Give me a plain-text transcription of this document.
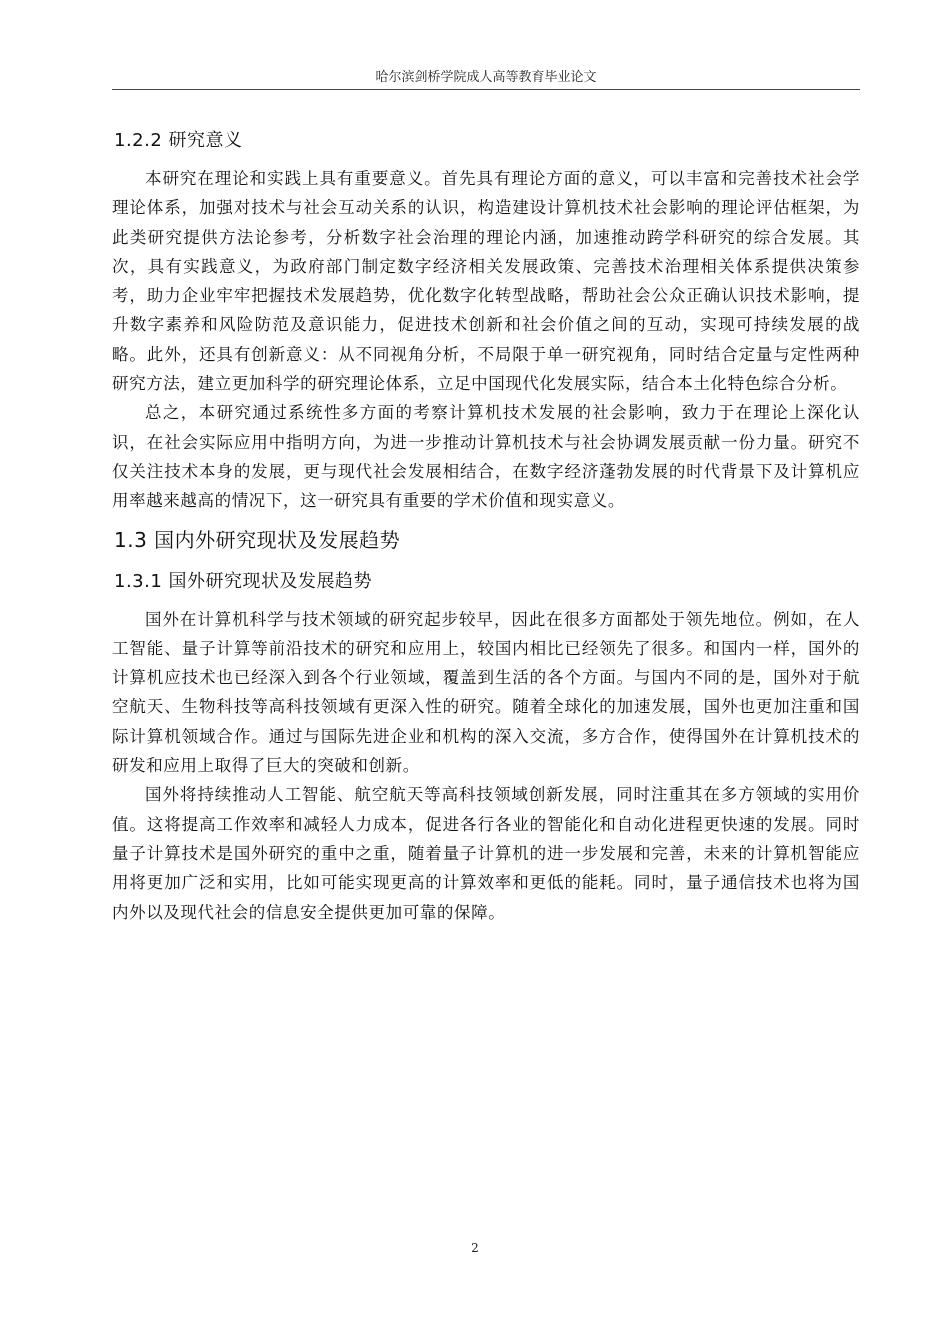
哈尔滨剑桥学院成人高等教育毕业论文
1.2.2 研究意义

本研究在理论和实践上具有重要意义。首先具有理论方面的意义，可以丰富和完善技术社会学理论体系，加强对技术与社会互动关系的认识，构造建设计算机技术社会影响的理论评估框架，为此类研究提供方法论参考，分析数字社会治理的理论内涵，加速推动跨学科研究的综合发展。其次，具有实践意义，为政府部门制定数字经济相关发展政策、完善技术治理相关体系提供决策参考，助力企业牢牢把握技术发展趋势，优化数字化转型战略，帮助社会公众正确认识技术影响，提升数字素养和风险防范及意识能力，促进技术创新和社会价值之间的互动，实现可持续发展的战略。此外，还具有创新意义：从不同视角分析，不局限于单一研究视角，同时结合定量与定性两种研究方法，建立更加科学的研究理论体系，立足中国现代化发展实际，结合本土化特色综合分析。

总之，本研究通过系统性多方面的考察计算机技术发展的社会影响，致力于在理论上深化认识，在社会实际应用中指明方向，为进一步推动计算机技术与社会协调发展贡献一份力量。研究不仅关注技术本身的发展，更与现代社会发展相结合，在数字经济蓬勃发展的时代背景下及计算机应用率越来越高的情况下，这一研究具有重要的学术价值和现实意义。

1.3 国内外研究现状及发展趋势
1.3.1 国外研究现状及发展趋势

国外在计算机科学与技术领域的研究起步较早，因此在很多方面都处于领先地位。例如，在人工智能、量子计算等前沿技术的研究和应用上，较国内相比已经领先了很多。和国内一样，国外的计算机应技术也已经深入到各个行业领域，覆盖到生活的各个方面。与国内不同的是，国外对于航空航天、生物科技等高科技领域有更深入性的研究。随着全球化的加速发展，国外也更加注重和国际计算机领域合作。通过与国际先进企业和机构的深入交流，多方合作，使得国外在计算机技术的研发和应用上取得了巨大的突破和创新。

国外将持续推动人工智能、航空航天等高科技领域创新发展，同时注重其在多方领域的实用价值。这将提高工作效率和减轻人力成本，促进各行各业的智能化和自动化进程更快速的发展。同时量子计算技术是国外研究的重中之重，随着量子计算机的进一步发展和完善，未来的计算机智能应用将更加广泛和实用，比如可能实现更高的计算效率和更低的能耗。同时，量子通信技术也将为国内外以及现代社会的信息安全提供更加可靠的保障。

2
